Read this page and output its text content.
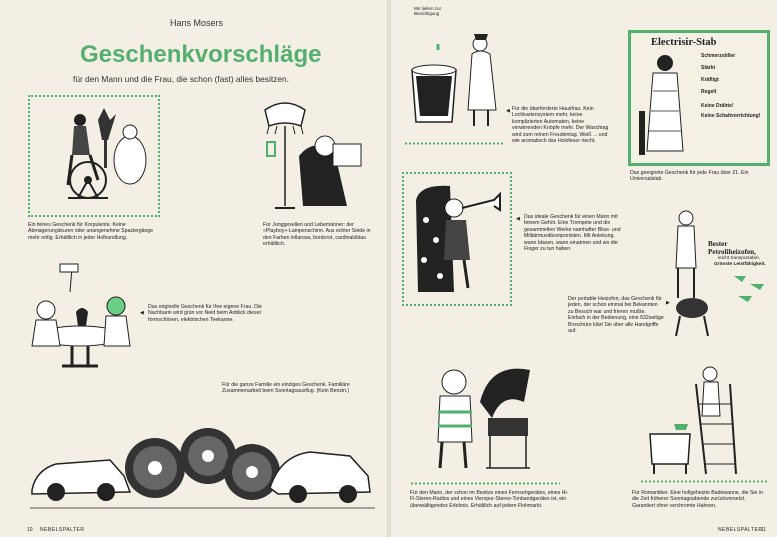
Hans Mosers
Geschenkvorschläge
für den Mann und die Frau, die schon (fast) alles besitzen.
Ein feines Geschenk für Korpulente. Keine Abmagerungskuren oder unangenehme Spaziergänge mehr nötig. Erhältlich in jeder Holhandlung.
Für Junggesellen und Lebemänner: der «Playboy»-Lampenschirm. Aus echter Seide in den Farben lollarosa, bordorot, cardinalsblau erhältlich.
◀
Das originelle Geschenk für Ihre eigene Frau. Die Nachbarin wird grün vor Neid beim Anblick dieser formschönen, elektrischen Teekanne.
Für die ganze Familie ein einziges Geschenk. Familiäre Zusammenarbeit beim Sonntagsausflug. (Kein Benzin.)
10 NEBELSPALTER
Wir liefern zur Besichtigung
◀ Für die überforderte Hausfrau. Kein Lochkartensystem mehr, keine komplizierten Automaten, keine verwirrenden Knöpfe mehr. Der Waschtag wird zum reinen Freudentag. Weiß ... und wie aromatisch das Holzfeuer riecht.
Electrisir-Stab
Schmerzstiller
Stärkt
Kräftigt
Regelt
Keine Drähte!
Keine Schaltvorrichtung!
Das geeignete Geschenk für jede Frau über 21. Ein Universalstab.
◀ Das ideale Geschenk für einen Mann mit feinem Gehör. Eine Trompete und die gesammelten Werke namhafter Bliss- und Militärmusikkomponisten. Mit Anleitung, wann blasen, wann einatmen und wo die Finger zu tun haben.
Bester Petroliheizofen,
leicht transportabel,
Grösste Leistfähigkeit.
Der portable Heizofen, das Geschenk für jeden, der schon einmal bei Bekannten zu Besuch war und frieren mußte. Einfach in der Bedienung, eine 632seitige Broschüre klärt Sie über alle Handgriffe auf.
▶
Für den Mann, der schon im Besitze eines Fernsehgerätes, eines Hi-Fi-Stereo-Radios und eines Vierspur-Stereo-Tonbandgerätes ist, ein überwältigendes Erlebnis. Erhältlich auf jedem Flohmarkt.
Für Romantiker. Eine hollgeheizte Badewanne, die Sie in die Zeit früherer Sonntagsabende zurückversetzt. Garantiert ohne verchromte Hahnen.
NEBELSPALTER
11
